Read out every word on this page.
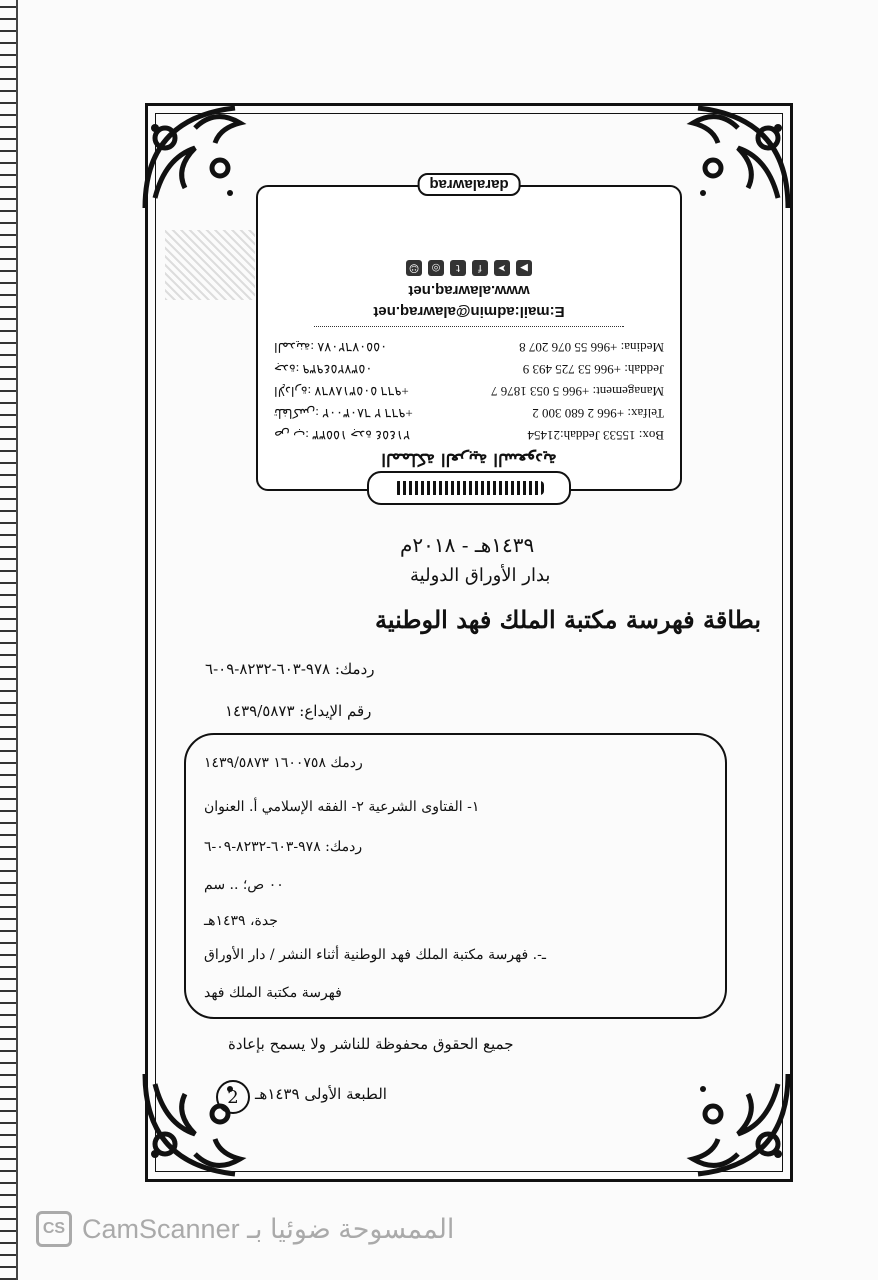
المملكة العربية السعودية
Box: 15533 Jeddah:21454
ص ب: ١٥٥٣٣ جدة ٢١٤٥٤
Telfax: +966 2 680 300 2
تلفاكس: ٦٨٠٣٠٠٢ ٢ ٩٦٦+
Management: +966 5 053 1876 7
الإدارة: ٥٠٥٣١٨٧٦٧ ٩٦٦+
Jeddah: +966 53 725 493 9
جدة: ٠٥٣٧٢٥٤٩٣٩
Medina: +966 55 076 207 8
المدينة: ٠٥٥٠٧٦٢٠٧٨
E:mail:admin@alawraq.net
www.alawraq.net
▶
➤
f
t
◎
☺
daralawraq
١٤٣٩هـ - ٢٠١٨م
بدار الأوراق الدولية
بطاقة فهرسة مكتبة الملك فهد الوطنية
ردمك: ٩٧٨-٦٠٣-٨٢٣٢-٠٩-٦
رقم الإيداع: ١٤٣٩/٥٨٧٣
ردمك ١٦٠٠٧٥٨ ١٤٣٩/٥٨٧٣
١- الفتاوى الشرعية ٢- الفقه الإسلامي أ. العنوان
ردمك: ٩٧٨-٦٠٣-٨٢٣٢-٠٩-٦
٠٠ ص؛ .. سم
جدة، ١٤٣٩هـ
ـ-. فهرسة مكتبة الملك فهد الوطنية أثناء النشر / دار الأوراق
فهرسة مكتبة الملك فهد
جميع الحقوق محفوظة للناشر ولا يسمح بإعادة
2	الطبعة الأولى ١٤٣٩هـ
CS CamScanner الممسوحة ضوئيا بـ
